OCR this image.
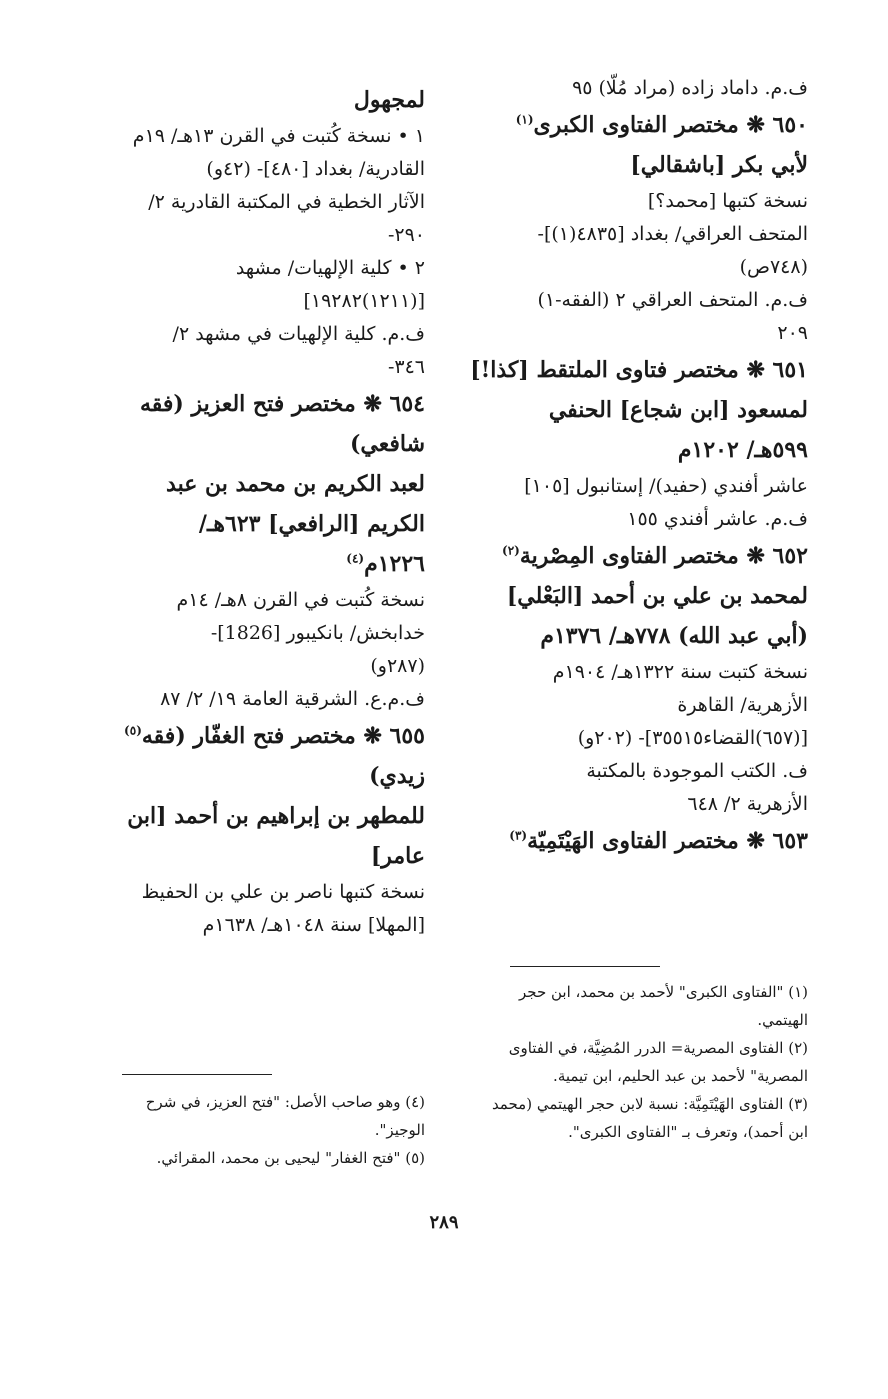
ف.م. داماد زاده (مراد مُلّا) ٩٥
٦٥٠ ❋ مختصر الفتاوى الكبرى$^{(١)}$
لأبي بكر [باشقالي]
نسخة كتبها [محمد؟]
المتحف العراقي/ بغداد [٤٨٣٥(١)]-
(٧٤٨ص)
ف.م. المتحف العراقي ٢ (الفقه-١)
٢٠٩
٦٥١ ❋ مختصر فتاوى الملتقط [كذا!]
لمسعود [ابن شجاع] الحنفي
٥٩٩هـ/ ١٢٠٢م
عاشر أفندي (حفيد)/ إستانبول [١٠٥]
ف.م. عاشر أفندي ١٥٥
٦٥٢ ❋ مختصر الفتاوى المِصْرية$^{(٢)}$
لمحمد بن علي بن أحمد [البَعْلي]
(أبي عبد الله) ٧٧٨هـ/ ١٣٧٦م
نسخة كتبت سنة ١٣٢٢هـ/ ١٩٠٤م
الأزهرية/ القاهرة
[(٦٥٧)القضاء٣٥٥١٥]- (٢٠٢و)
ف. الكتب الموجودة بالمكتبة
الأزهرية ٢/ ٦٤٨
٦٥٣ ❋ مختصر الفتاوى الهَيْتَمِيّة$^{(٣)}$
لمجهول
١ • نسخة كُتبت في القرن ١٣هـ/ ١٩م
القادرية/ بغداد [٤٨٠]- (٤٢و)
الآثار الخطية في المكتبة القادرية ٢/
٢٩٠-
٢ • كلية الإلهيات/ مشهد
[(١٢١١)١٩٢٨٢]
ف.م. كلية الإلهيات في مشهد ٢/
٣٤٦-
٦٥٤ ❋ مختصر فتح العزيز (فقه
شافعي)
لعبد الكريم بن محمد بن عبد
الكريم [الرافعي] ٦٢٣هـ/
١٢٢٦م$^{(٤)}$
نسخة كُتبت في القرن ٨هـ/ ١٤م
خدابخش/ بانكيبور [1826]-
(٢٨٧و)
ف.م.ع. الشرقية العامة ١٩/ ٢/ ٨٧
٦٥٥ ❋ مختصر فتح الغفّار (فقه$^{(٥)}$
زيدي)
للمطهر بن إبراهيم بن أحمد [ابن
عامر]
نسخة كتبها ناصر بن علي بن الحفيظ
[المهلا] سنة ١٠٤٨هـ/ ١٦٣٨م
(١) "الفتاوى الكبرى" لأحمد بن محمد، ابن حجر
الهيتمي.
(٢) الفتاوى المصرية= الدرر المُضِيَّة، في الفتاوى
المصرية" لأحمد بن عبد الحليم، ابن تيمية.
(٣) الفتاوى الهَيْتَمِيَّة: نسبة لابن حجر الهيتمي (محمد
ابن أحمد)، وتعرف بـ "الفتاوى الكبرى".
(٤) وهو صاحب الأصل: "فتح العزيز، في شرح
الوجيز".
(٥) "فتح الغفار" ليحيى بن محمد، المقرائي.
٢٨٩
